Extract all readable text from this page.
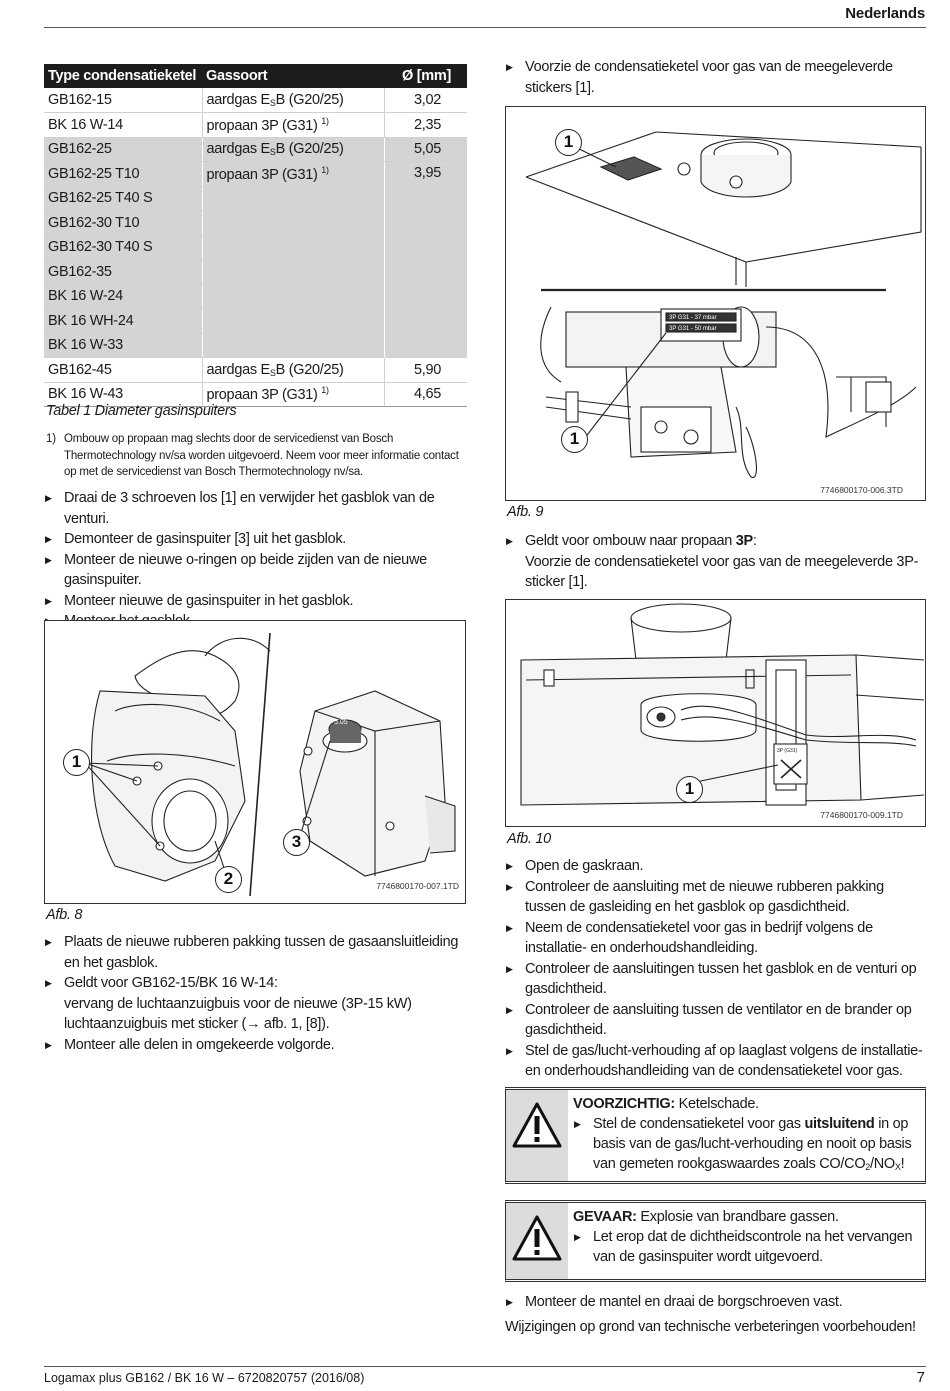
Nederlands
Type condensatieketel	Gassoort	Ø [mm]
GB162-15	aardgas $E_SB$ (G20/25)	3,02
BK 16 W-14	propaan 3P (G31) $^{1)}$	2,35
GB162-25	aardgas $E_SB$ (G20/25)	5,05
GB162-25 T10	propaan 3P (G31) $^{1)}$	3,95
GB162-25 T40 S		
GB162-30 T10		
GB162-30 T40 S		
GB162-35		
BK 16 W-24		
BK 16 WH-24		
BK 16 W-33		
GB162-45	aardgas $E_SB$ (G20/25)	5,90
BK 16 W-43	propaan 3P (G31) $^{1)}$	4,65
Tabel 1 Diameter gasinspuiters
1) Ombouw op propaan mag slechts door de servicedienst van Bosch Thermotechnology nv/sa worden uitgevoerd. Neem voor meer informatie contact op met de servicedienst van Bosch Thermotechnology nv/sa.
▶ Draai de 3 schroeven los [1] en verwijder het gasblok van de venturi.
▶ Demonteer de gasinspuiter [3] uit het gasblok.
▶ Monteer de nieuwe o-ringen op beide zijden van de nieuwe gasinspuiter.
▶ Monteer nieuwe de gasinspuiter in het gasblok.
▶
5.05
1
2
3
7746800170-007.1TD
Afb. 8
▶ Plaats de nieuwe rubberen pakking tussen de gasaansluitleiding en het gasblok.
▶ Geldt voor GB162-15/BK 16 W-14:
vervang de luchtaanzuigbuis voor de nieuwe (3P-15 kW) luchtaanzuigbuis met sticker (→ afb. 1, [8]).
▶ Monteer alle delen in omgekeerde volgorde.
▶ Voorzie de condensatieketel voor gas van de meegeleverde stickers [1].
3P G31 - 37 mbar
3P G31 - 50 mbar
1
1
7746800170-006.3TD
Afb. 9
▶ Geldt voor ombouw naar propaan 3P:
Voorzie de condensatieketel voor gas van de meegeleverde 3P-sticker [1].
3P (G31)
1
7746800170-009.1TD
Afb. 10
▶ Open de gaskraan.
▶ Controleer de aansluiting met de nieuwe rubberen pakking tussen de gasleiding en het gasblok op gasdichtheid.
▶ Neem de condensatieketel voor gas in bedrijf volgens de installatie- en onderhoudshandleiding.
▶ Controleer de aansluitingen tussen het gasblok en de venturi op gasdichtheid.
▶ Controleer de aansluiting tussen de ventilator en de brander op gasdichtheid.
▶ Stel de gas/lucht-verhouding af op laaglast volgens de installatie- en onderhoudshandleiding van de condensatieketel voor gas.
VOORZICHTIG: Ketelschade.
▶ Stel de condensatieketel voor gas uitsluitend in op basis van de gas/lucht-verhouding en nooit op basis van gemeten rookgaswaardes zoals $CO/CO_2/NO_X$!
GEVAAR: Explosie van brandbare gassen.
▶ Let erop dat de dichtheidscontrole na het vervangen van de gasinspuiter wordt uitgevoerd.
▶ Monteer de mantel en draai de borgschroeven vast.
Wijzigingen op grond van technische verbeteringen voorbehouden!
Logamax plus GB162 / BK 16 W – 6720820757 (2016/08)	7
